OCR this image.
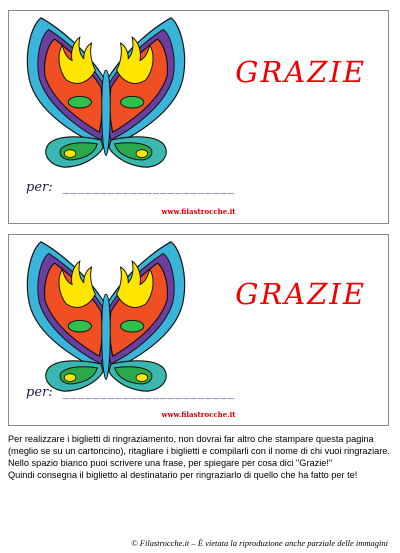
GRAZIE
per: _______________________
www.filastrocche.it
GRAZIE
per: _______________________
www.filastrocche.it

Per realizzare i biglietti di ringraziamento, non dovrai far altro che stampare questa pagina (meglio se su un cartoncino), ritagliare i biglietti e compilarli con il nome di chi vuoi ringraziare. Nello spazio bianco puoi scrivere una frase, per spiegare per cosa dici "Grazie!"

Quindi consegna il biglietto al destinatario per ringraziarlo di quello che ha fatto per te!

© Filastrocche.it – È vietata la riproduzione anche parziale delle immagini
